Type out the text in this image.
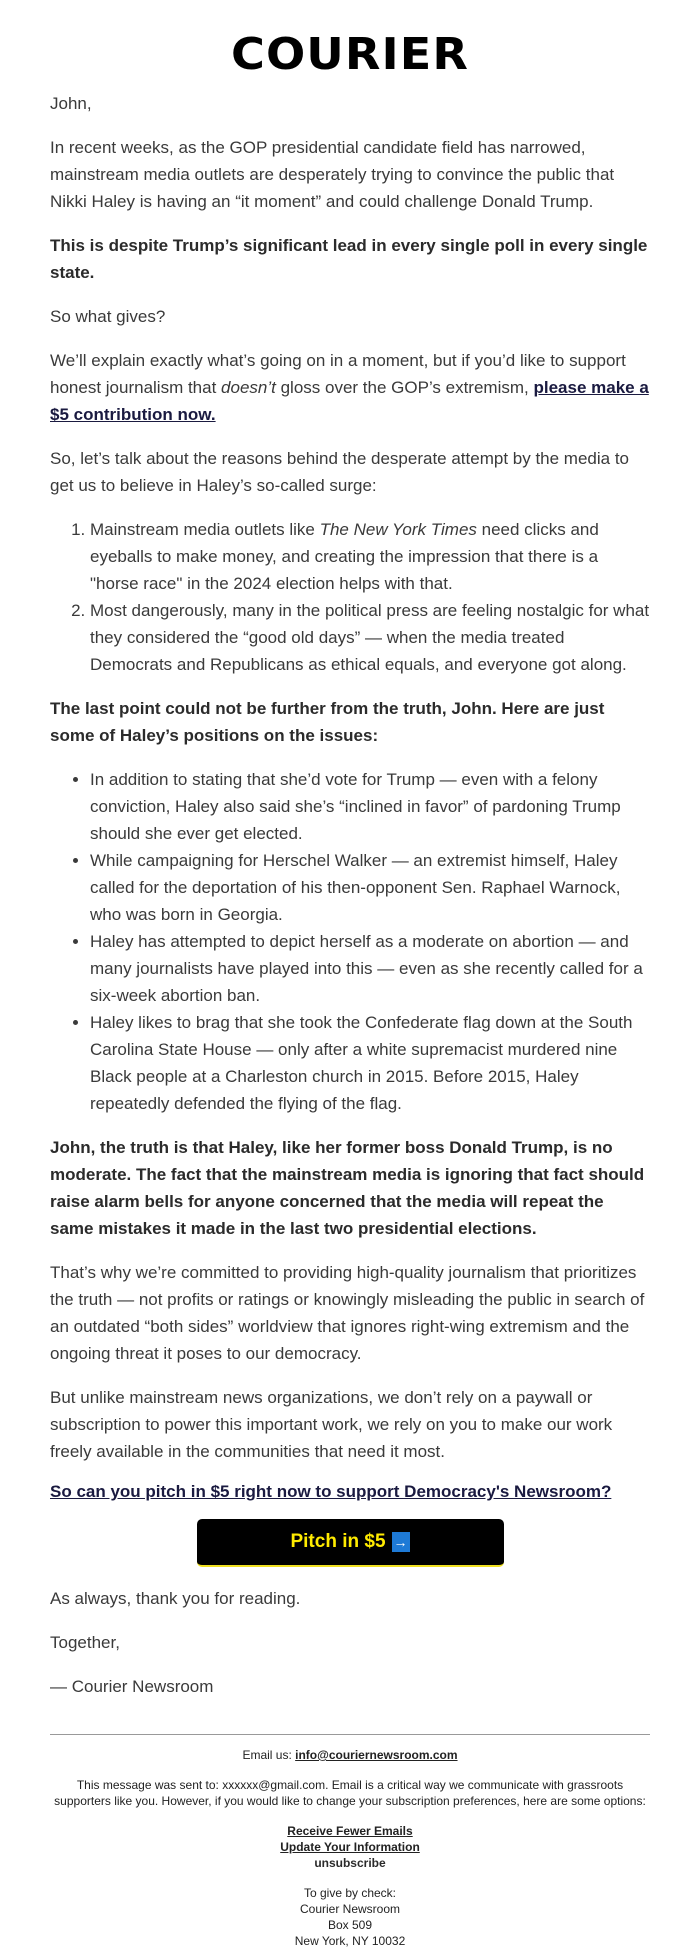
COURIER

John,

In recent weeks, as the GOP presidential candidate field has narrowed, mainstream media outlets are desperately trying to convince the public that Nikki Haley is having an “it moment” and could challenge Donald Trump.

This is despite Trump’s significant lead in every single poll in every single state.

So what gives?

We’ll explain exactly what’s going on in a moment, but if you’d like to support honest journalism that doesn’t gloss over the GOP’s extremism, please make a $5 contribution now.

So, let’s talk about the reasons behind the desperate attempt by the media to get us to believe in Haley’s so-called surge:

1. Mainstream media outlets like The New York Times need clicks and eyeballs to make money, and creating the impression that there is a "horse race" in the 2024 election helps with that.
2. Most dangerously, many in the political press are feeling nostalgic for what they considered the “good old days” — when the media treated Democrats and Republicans as ethical equals, and everyone got along.

The last point could not be further from the truth, John. Here are just some of Haley’s positions on the issues:

• In addition to stating that she’d vote for Trump — even with a felony conviction, Haley also said she’s “inclined in favor” of pardoning Trump should she ever get elected.
• While campaigning for Herschel Walker — an extremist himself, Haley called for the deportation of his then-opponent Sen. Raphael Warnock, who was born in Georgia.
• Haley has attempted to depict herself as a moderate on abortion — and many journalists have played into this — even as she recently called for a six-week abortion ban.
• Haley likes to brag that she took the Confederate flag down at the South Carolina State House — only after a white supremacist murdered nine Black people at a Charleston church in 2015. Before 2015, Haley repeatedly defended the flying of the flag.

John, the truth is that Haley, like her former boss Donald Trump, is no moderate. The fact that the mainstream media is ignoring that fact should raise alarm bells for anyone concerned that the media will repeat the same mistakes it made in the last two presidential elections.

That’s why we’re committed to providing high-quality journalism that prioritizes the truth — not profits or ratings or knowingly misleading the public in search of an outdated “both sides” worldview that ignores right-wing extremism and the ongoing threat it poses to our democracy.

But unlike mainstream news organizations, we don’t rely on a paywall or subscription to power this important work, we rely on you to make our work freely available in the communities that need it most.

So can you pitch in $5 right now to support Democracy's Newsroom?
Pitch in $5 →

As always, thank you for reading.

Together,

— Courier Newsroom

Email us: info@couriernewsroom.com

This message was sent to: xxxxxx@gmail.com. Email is a critical way we communicate with grassroots supporters like you. However, if you would like to change your subscription preferences, here are some options:

Receive Fewer Emails
Update Your Information
unsubscribe

To give by check:
Courier Newsroom
Box 509
New York, NY 10032
